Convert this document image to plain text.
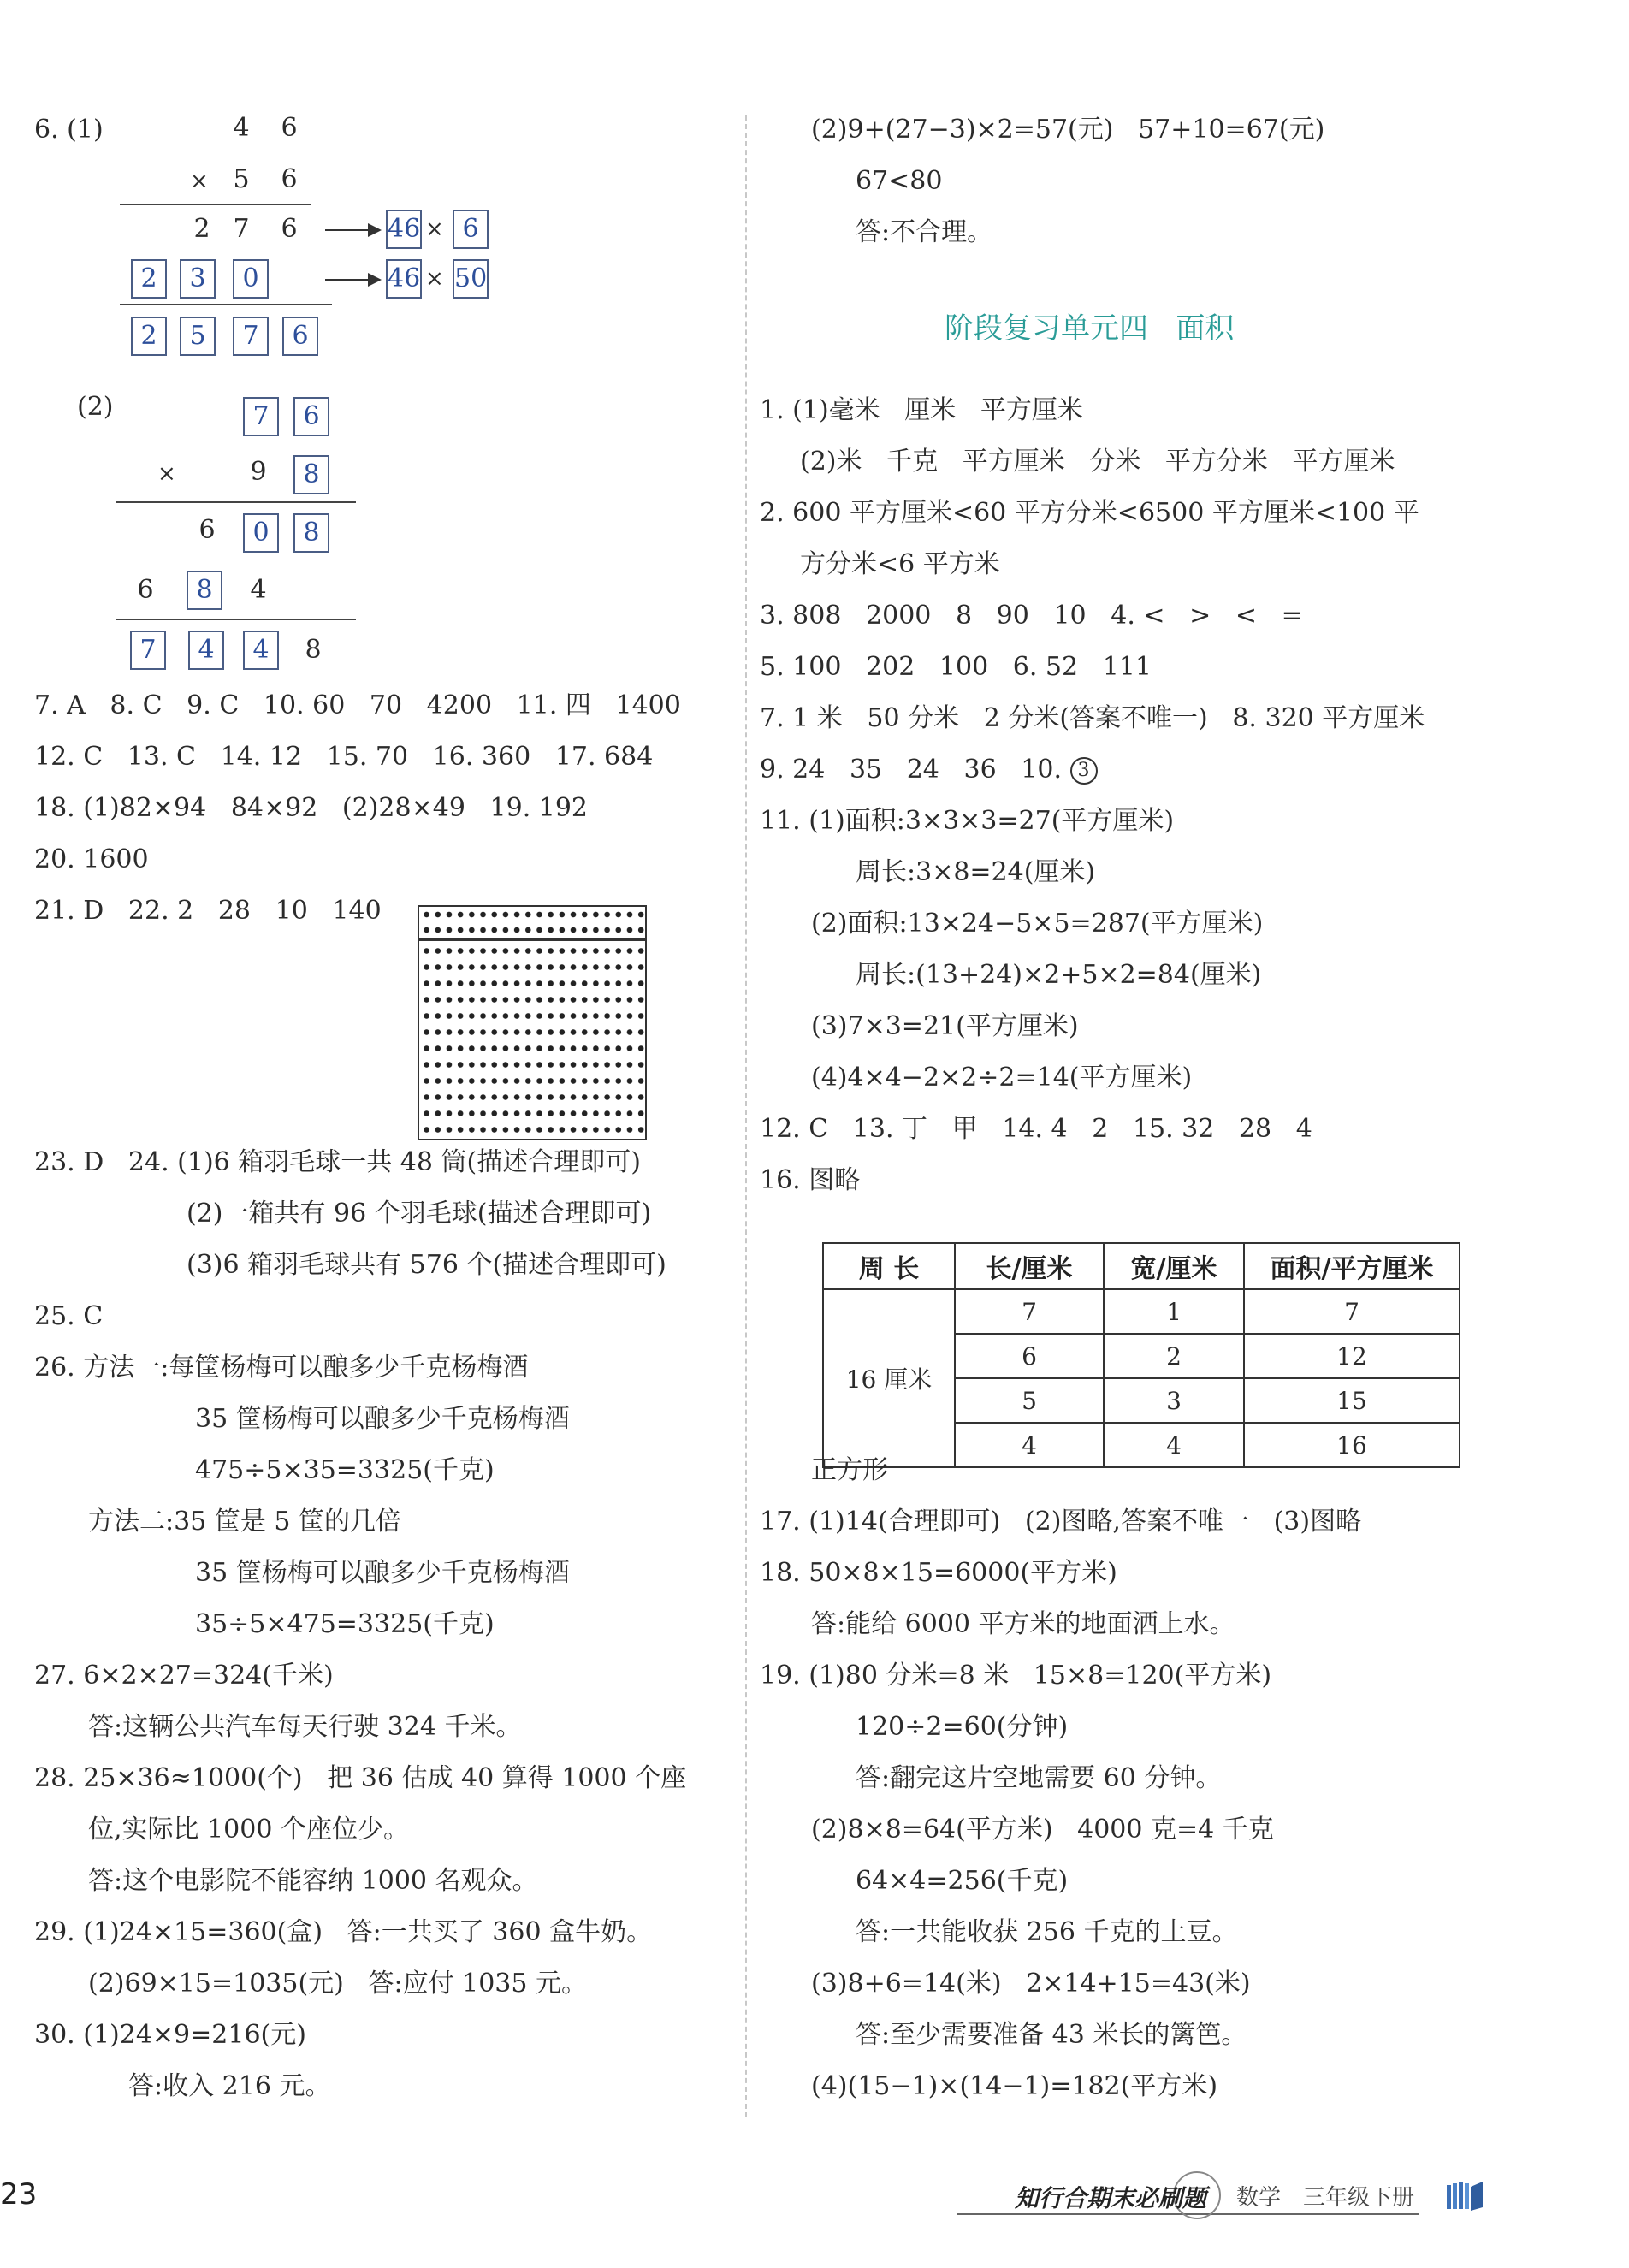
6. (1)	4	6
× 5	6
2 7	6	46 × 6
2	3	0	46 × 50
2	5	7	6
(2)	7	6
×	9	8
6	0	8
6	8	4
7	4	4	8
7. A   8. C   9. C   10. 60   70   4200   11. 四   1400
12. C   13. C   14. 12   15. 70   16. 360   17. 684
18. (1)82×94   84×92   (2)28×49   19. 192
20. 1600
21. D   22. 2   28   10   140
23. D   24. (1)6 箱羽毛球一共 48 筒(描述合理即可)
(2)一箱共有 96 个羽毛球(描述合理即可)
(3)6 箱羽毛球共有 576 个(描述合理即可)
25. C
26. 方法一:每筐杨梅可以酿多少千克杨梅酒
35 筐杨梅可以酿多少千克杨梅酒
475÷5×35=3325(千克)
方法二:35 筐是 5 筐的几倍
35 筐杨梅可以酿多少千克杨梅酒
35÷5×475=3325(千克)
27. 6×2×27=324(千米)
答:这辆公共汽车每天行驶 324 千米。
28. 25×36≈1000(个)   把 36 估成 40 算得 1000 个座
位,实际比 1000 个座位少。
答:这个电影院不能容纳 1000 名观众。
29. (1)24×15=360(盒)   答:一共买了 360 盒牛奶。
(2)69×15=1035(元)   答:应付 1035 元。
30. (1)24×9=216(元)
答:收入 216 元。
(2)9+(27−3)×2=57(元)   57+10=67(元)
67<80
答:不合理。
阶段复习单元四   面积
1. (1)毫米   厘米   平方厘米
(2)米   千克   平方厘米   分米   平方分米   平方厘米
2. 600 平方厘米<60 平方分米<6500 平方厘米<100 平
方分米<6 平方米
3. 808   2000   8   90   10   4. <   >   <   =
5. 100   202   100   6. 52   111
7. 1 米   50 分米   2 分米(答案不唯一)   8. 320 平方厘米
9. 24   35   24   36   10. 3
11. (1)面积:3×3×3=27(平方厘米)
周长:3×8=24(厘米)
(2)面积:13×24−5×5=287(平方厘米)
周长:(13+24)×2+5×2=84(厘米)
(3)7×3=21(平方厘米)
(4)4×4−2×2÷2=14(平方厘米)
12. C   13. 丁   甲   14. 4   2   15. 32   28   4
16. 图略
周 长	长/厘米	宽/厘米	面积/平方厘米
16 厘米	7	1	7
	6	2	12
	5	3	15
	4	4	16
正方形
17. (1)14(合理即可)   (2)图略,答案不唯一   (3)图略
18. 50×8×15=6000(平方米)
答:能给 6000 平方米的地面洒上水。
19. (1)80 分米=8 米   15×8=120(平方米)
120÷2=60(分钟)
答:翻完这片空地需要 60 分钟。
(2)8×8=64(平方米)   4000 克=4 千克
64×4=256(千克)
答:一共能收获 256 千克的土豆。
(3)8+6=14(米)   2×14+15=43(米)
答:至少需要准备 43 米长的篱笆。
(4)(15−1)×(14−1)=182(平方米)
23	知行合期末必刷题 数学 三年级下册
